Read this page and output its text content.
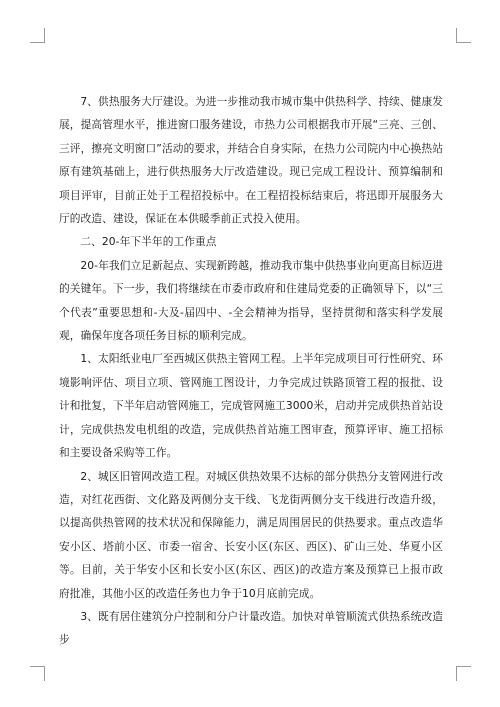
7、供热服务大厅建设。为进一步推动我市城市集中供热科学、持续、健康发展，提高管理水平，推进窗口服务建设，市热力公司根据我市开展“三亮、三创、三评，擦亮文明窗口”活动的要求，并结合自身实际，在热力公司院内中心换热站原有建筑基础上，进行供热服务大厅改造建设。现已完成工程设计、预算编制和项目评审，目前正处于工程招投标中。在工程招投标结束后，将迅即开展服务大厅的改造、建设，保证在本供暖季前正式投入使用。

二、20-年下半年的工作重点

20-年我们立足新起点、实现新跨越，推动我市集中供热事业向更高目标迈进的关键年。下一步，我们将继续在市委市政府和住建局党委的正确领导下，以“三个代表”重要思想和-大及-届四中、-全会精神为指导，坚持贯彻和落实科学发展观，确保年度各项任务目标的顺利完成。

1、太阳纸业电厂至西城区供热主管网工程。上半年完成项目可行性研究、环境影响评估、项目立项、管网施工图设计，力争完成过铁路顶管工程的报批、设计和批复，下半年启动管网施工，完成管网施工3000米，启动并完成供热首站设计，完成供热发电机组的改造，完成供热首站施工图审查，预算评审、施工招标和主要设备采购等工作。

2、城区旧管网改造工程。对城区供热效果不达标的部分供热分支管网进行改造，对红花西街、文化路及两侧分支干线、飞龙街两侧分支干线进行改造升级，以提高供热管网的技术状况和保障能力，满足周围居民的供热要求。重点改造华安小区、塔前小区、市委一宿舍、长安小区(东区、西区)、矿山三处、华夏小区等。目前，关于华安小区和长安小区(东区、西区)的改造方案及预算已上报市政府批准，其他小区的改造任务也力争于10月底前完成。

3、既有居住建筑分户控制和分户计量改造。加快对单管顺流式供热系统改造步
